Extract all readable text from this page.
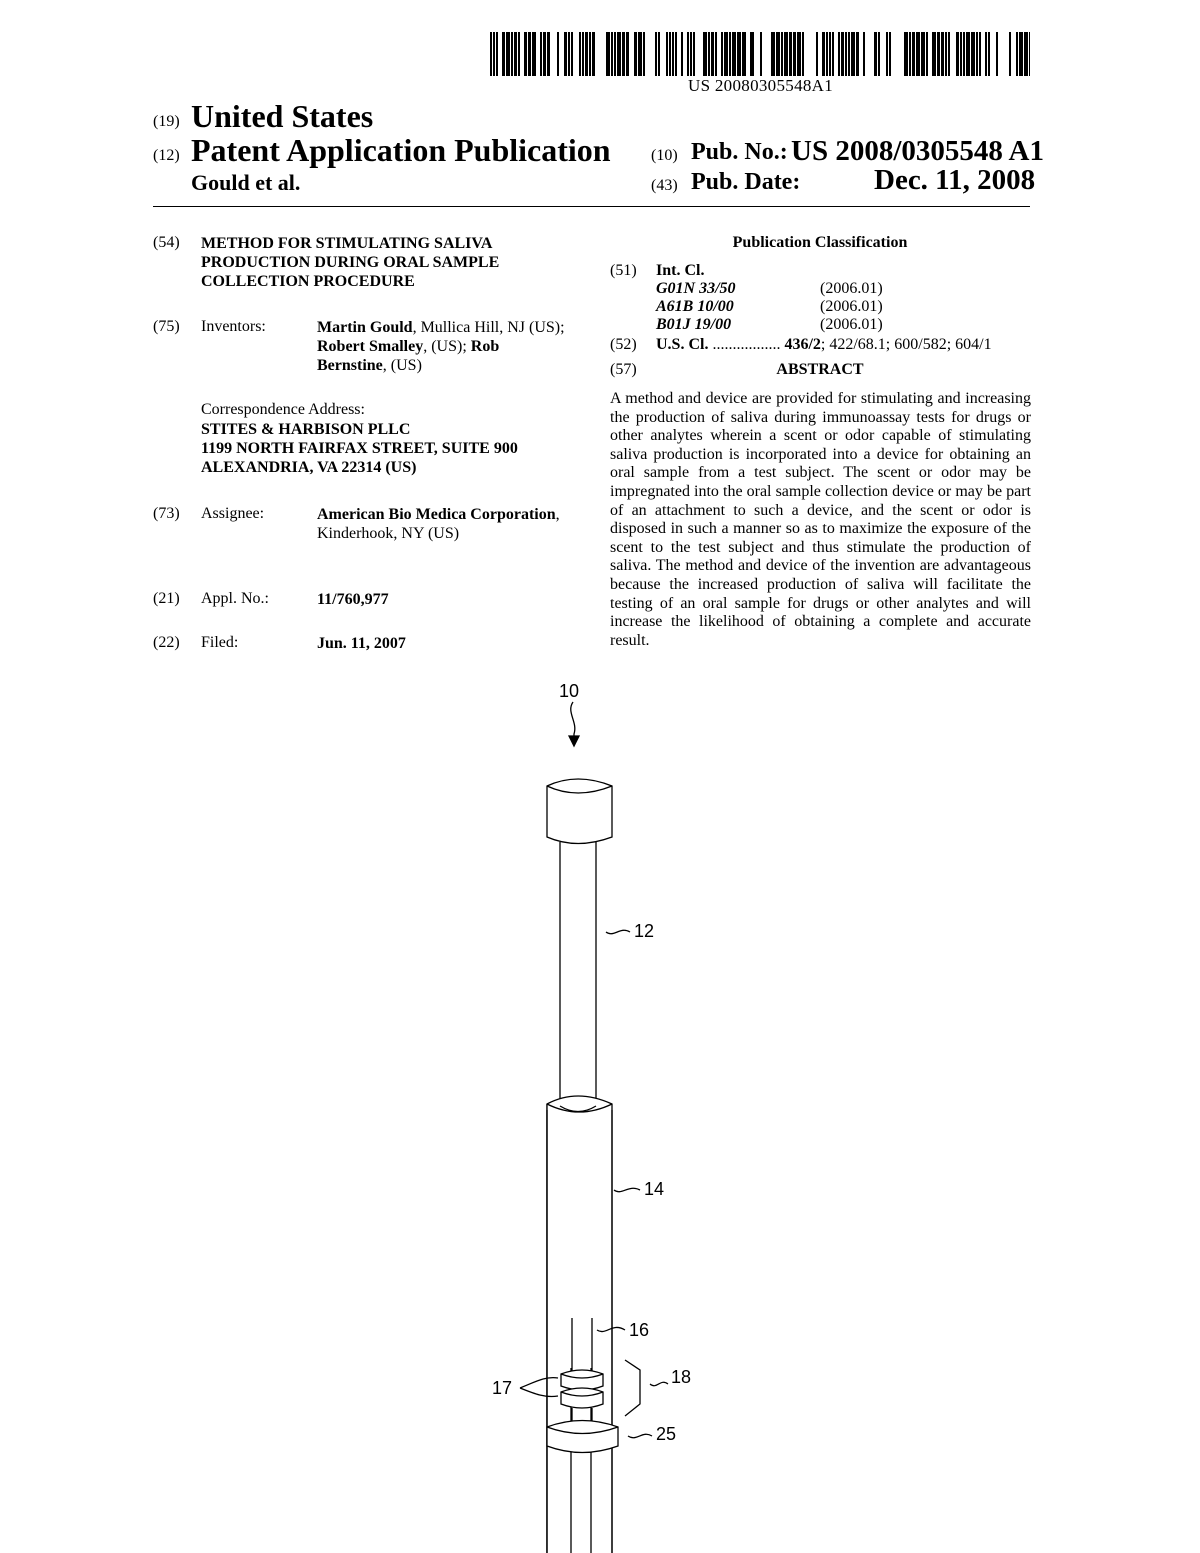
US 20080305548A1
(19) United States
(12) Patent Application Publication
Gould et al.
(10) Pub. No.: US 2008/0305548 A1
(43) Pub. Date:	Dec. 11, 2008
(54) METHOD FOR STIMULATING SALIVA PRODUCTION DURING ORAL SAMPLE COLLECTION PROCEDURE
(75) Inventors:	Martin Gould, Mullica Hill, NJ (US); Robert Smalley, (US); Rob Bernstine, (US)
Correspondence Address:
STITES & HARBISON PLLC
1199 NORTH FAIRFAX STREET, SUITE 900
ALEXANDRIA, VA 22314 (US)
(73) Assignee:	American Bio Medica Corporation, Kinderhook, NY (US)
(21) Appl. No.:	11/760,977
(22) Filed:	Jun. 11, 2007
Publication Classification
(51) Int. Cl.
G01N 33/50	(2006.01)
A61B 10/00	(2006.01)
B01J 19/00	(2006.01)
(52) U.S. Cl. ................. 436/2; 422/68.1; 600/582; 604/1
(57)	ABSTRACT
A method and device are provided for stimulating and increasing the production of saliva during immunoassay tests for drugs or other analytes wherein a scent or odor capable of stimulating saliva production is incorporated into a device for obtaining an oral sample from a test subject. The scent or odor may be impregnated into the oral sample collection device or may be part of an attachment to such a device, and the scent or odor is disposed in such a manner so as to maximize the exposure of the scent to the test subject and thus stimulate the production of saliva. The method and device of the invention are advantageous because the increased production of saliva will facilitate the testing of an oral sample for drugs or other analytes and will increase the likelihood of obtaining a complete and accurate result.
10
12
14
16
17
18
25
